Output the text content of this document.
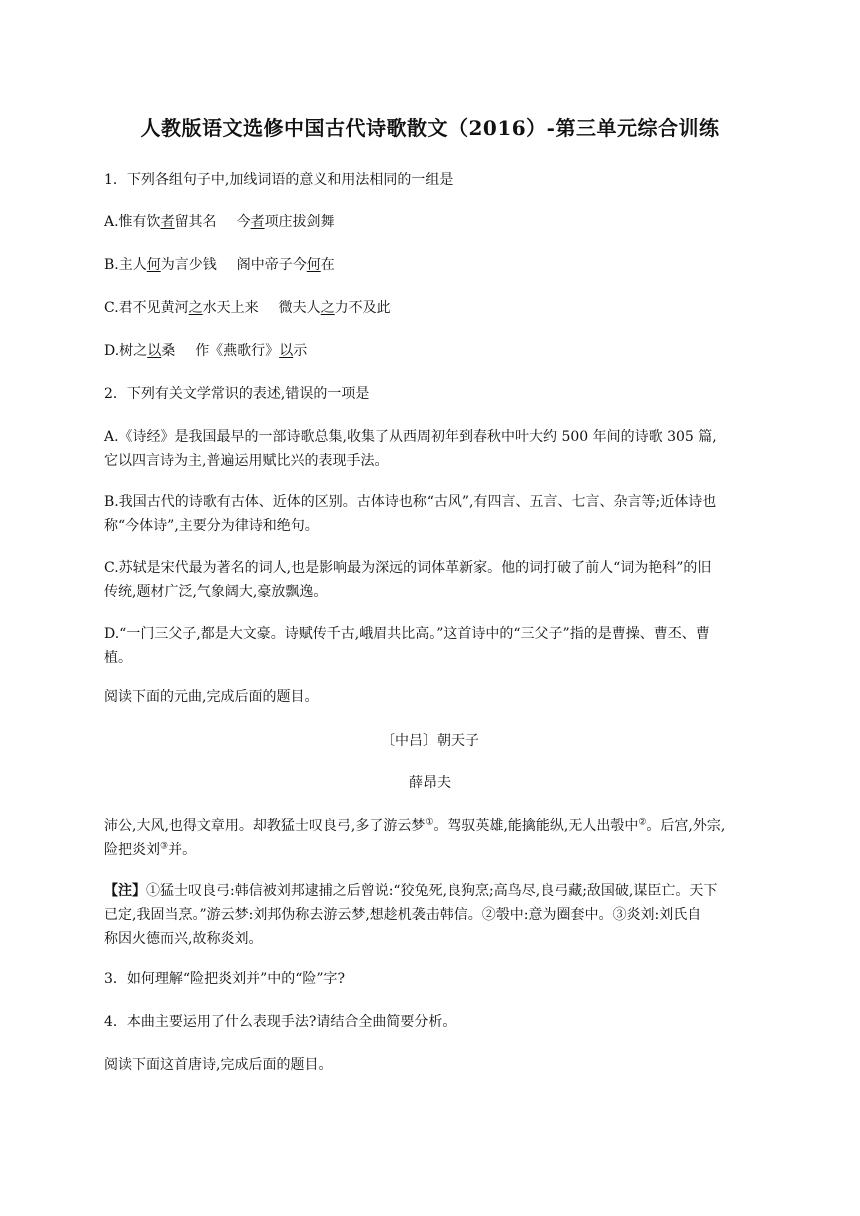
人教版语文选修中国古代诗歌散文（2016）-第三单元综合训练
1．下列各组句子中,加线词语的意义和用法相同的一组是
A.惟有饮者留其名 今者项庄拔剑舞
B.主人何为言少钱 阁中帝子今何在
C.君不见黄河之水天上来 微夫人之力不及此
D.树之以桑 作《燕歌行》以示
2．下列有关文学常识的表述,错误的一项是
A.《诗经》是我国最早的一部诗歌总集,收集了从西周初年到春秋中叶大约 500 年间的诗歌 305 篇,
它以四言诗为主,普遍运用赋比兴的表现手法。
B.我国古代的诗歌有古体、近体的区别。古体诗也称“古风”,有四言、五言、七言、杂言等;近体诗也
称“今体诗”,主要分为律诗和绝句。
C.苏轼是宋代最为著名的词人,也是影响最为深远的词体革新家。他的词打破了前人“词为艳科”的旧
传统,题材广泛,气象阔大,豪放飘逸。
D.“一门三父子,都是大文豪。诗赋传千古,峨眉共比高。”这首诗中的“三父子”指的是曹操、曹丕、曹
植。
阅读下面的元曲,完成后面的题目。
〔中吕〕朝天子
薛昂夫
沛公,大风,也得文章用。却教猛士叹良弓,多了游云梦①。驾驭英雄,能擒能纵,无人出彀中②。后宫,外宗,
险把炎刘③并。
【注】①猛士叹良弓:韩信被刘邦逮捕之后曾说:“狡兔死,良狗烹;高鸟尽,良弓藏;敌国破,谋臣亡。天下
已定,我固当烹。”游云梦:刘邦伪称去游云梦,想趁机袭击韩信。②彀中:意为圈套中。③炎刘:刘氏自
称因火德而兴,故称炎刘。
3．如何理解“险把炎刘并”中的“险”字?
4．本曲主要运用了什么表现手法?请结合全曲简要分析。
阅读下面这首唐诗,完成后面的题目。
